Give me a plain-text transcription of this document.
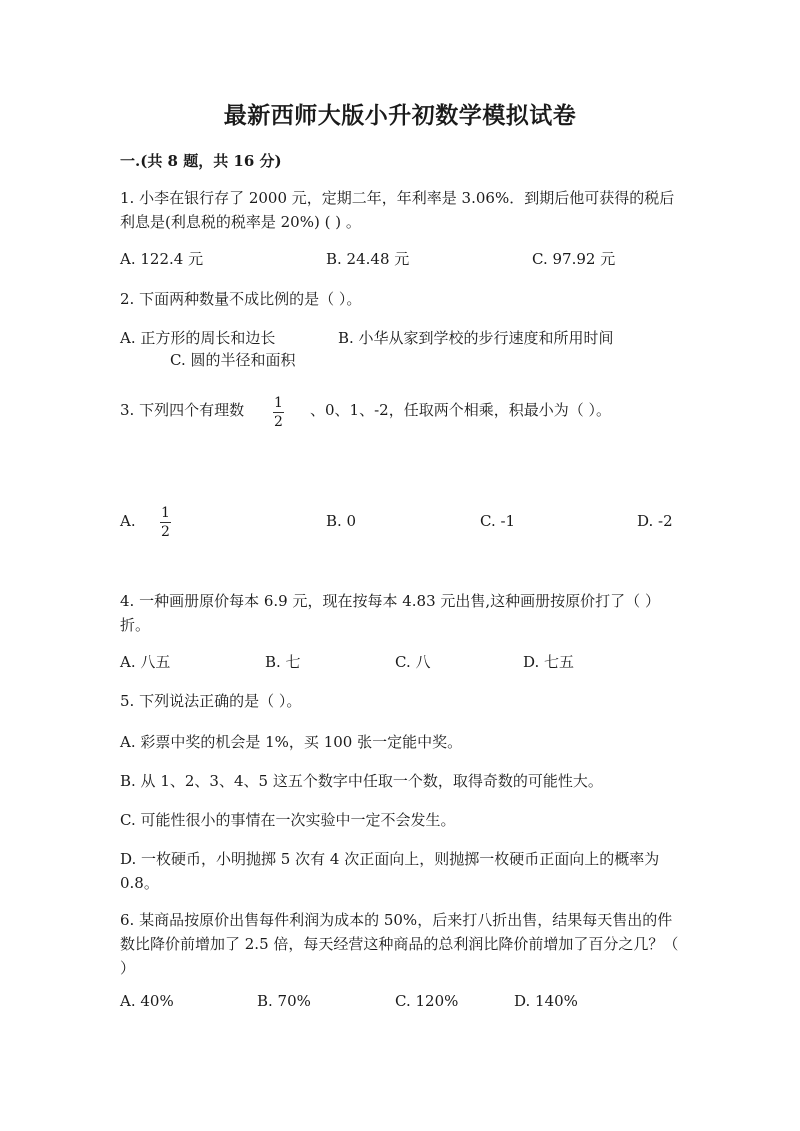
最新西师大版小升初数学模拟试卷
一.(共 8 题，共 16 分)
1. 小李在银行存了 2000 元，定期二年，年利率是 3.06%．到期后他可获得的税后利息是(利息税的税率是 20%) ( ) 。
A. 122.4 元	B. 24.48 元	C. 97.92 元
2. 下面两种数量不成比例的是（ ）。
A. 正方形的周长和边长	B. 小华从家到学校的步行速度和所用时间
C. 圆的半径和面积
3. 下列四个有理数 1
2
、0、1、-2，任取两个相乘，积最小为（ ）。
A. 1
2
B. 0	C. -1	D. -2
4. 一种画册原价每本 6.9 元，现在按每本 4.83 元出售,这种画册按原价打了（ ）折。
A. 八五	B. 七	C. 八	D. 七五
5. 下列说法正确的是（ ）。
A. 彩票中奖的机会是 1%，买 100 张一定能中奖。
B. 从 1、2、3、4、5 这五个数字中任取一个数，取得奇数的可能性大。
C. 可能性很小的事情在一次实验中一定不会发生。
D. 一枚硬币，小明抛掷 5 次有 4 次正面向上，则抛掷一枚硬币正面向上的概率为 0.8。
6. 某商品按原价出售每件利润为成本的 50%，后来打八折出售，结果每天售出的件数比降价前增加了 2.5 倍，每天经营这种商品的总利润比降价前增加了百分之几？（ ）
A. 40%	B. 70%	C. 120%	D. 140%
